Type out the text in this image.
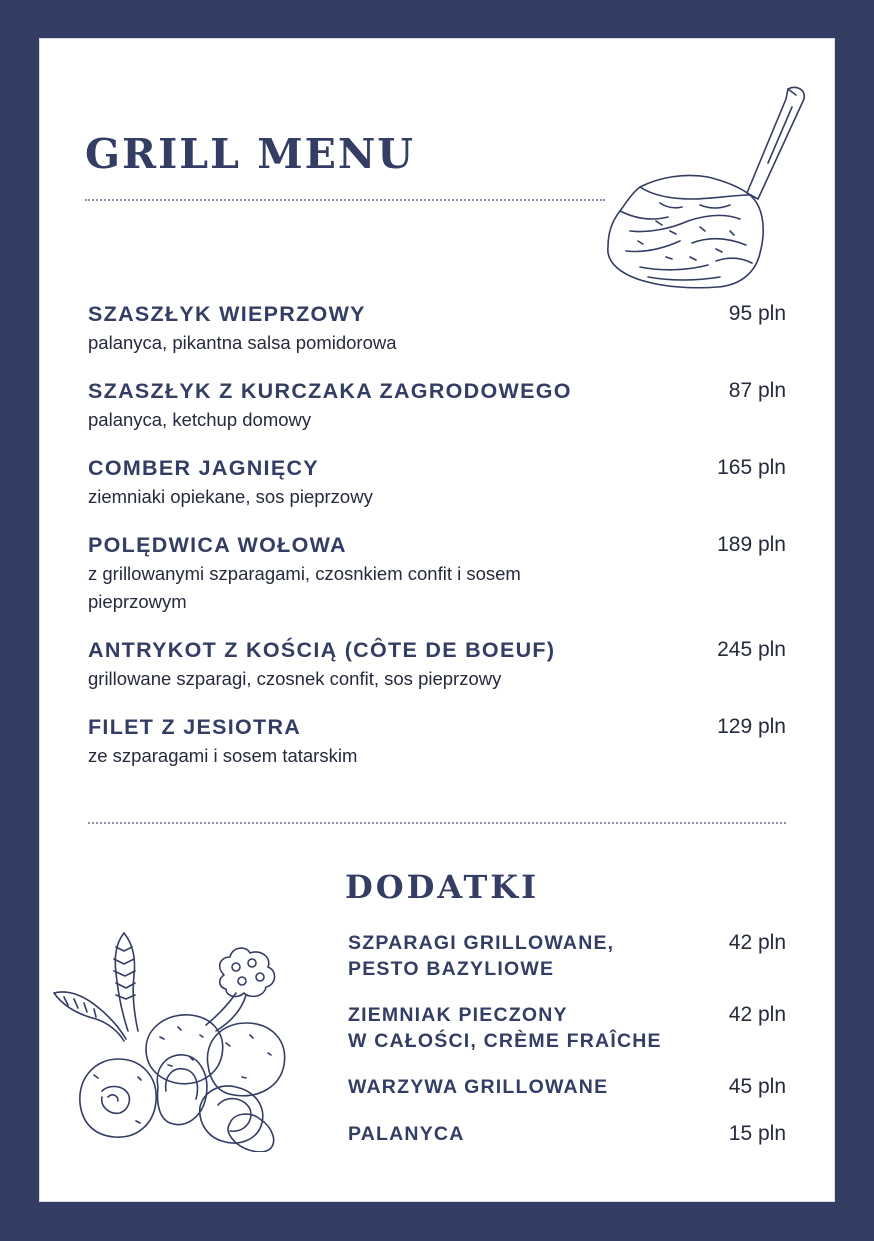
GRILL MENU
SZASZŁYK WIEPRZOWY
palanyca, pikantna salsa pomidorowa
95 pln
SZASZŁYK Z KURCZAKA ZAGRODOWEGO
palanyca, ketchup domowy
87 pln
COMBER JAGNIĘCY
ziemniaki opiekane, sos pieprzowy
165 pln
POLĘDWICA WOŁOWA
z grillowanymi szparagami, czosnkiem confit i sosem pieprzowym
189 pln
ANTRYKOT Z KOŚCIĄ (CÔTE DE BOEUF)
grillowane szparagi, czosnek confit, sos pieprzowy
245 pln
FILET Z JESIOTRA
ze szparagami i sosem tatarskim
129 pln
DODATKI
SZPARAGI GRILLOWANE,
PESTO BAZYLIOWE
42 pln
ZIEMNIAK PIECZONY
W CAŁOŚCI, CRÈME FRAÎCHE
42 pln
WARZYWA GRILLOWANE	45 pln
PALANYCA	15 pln
